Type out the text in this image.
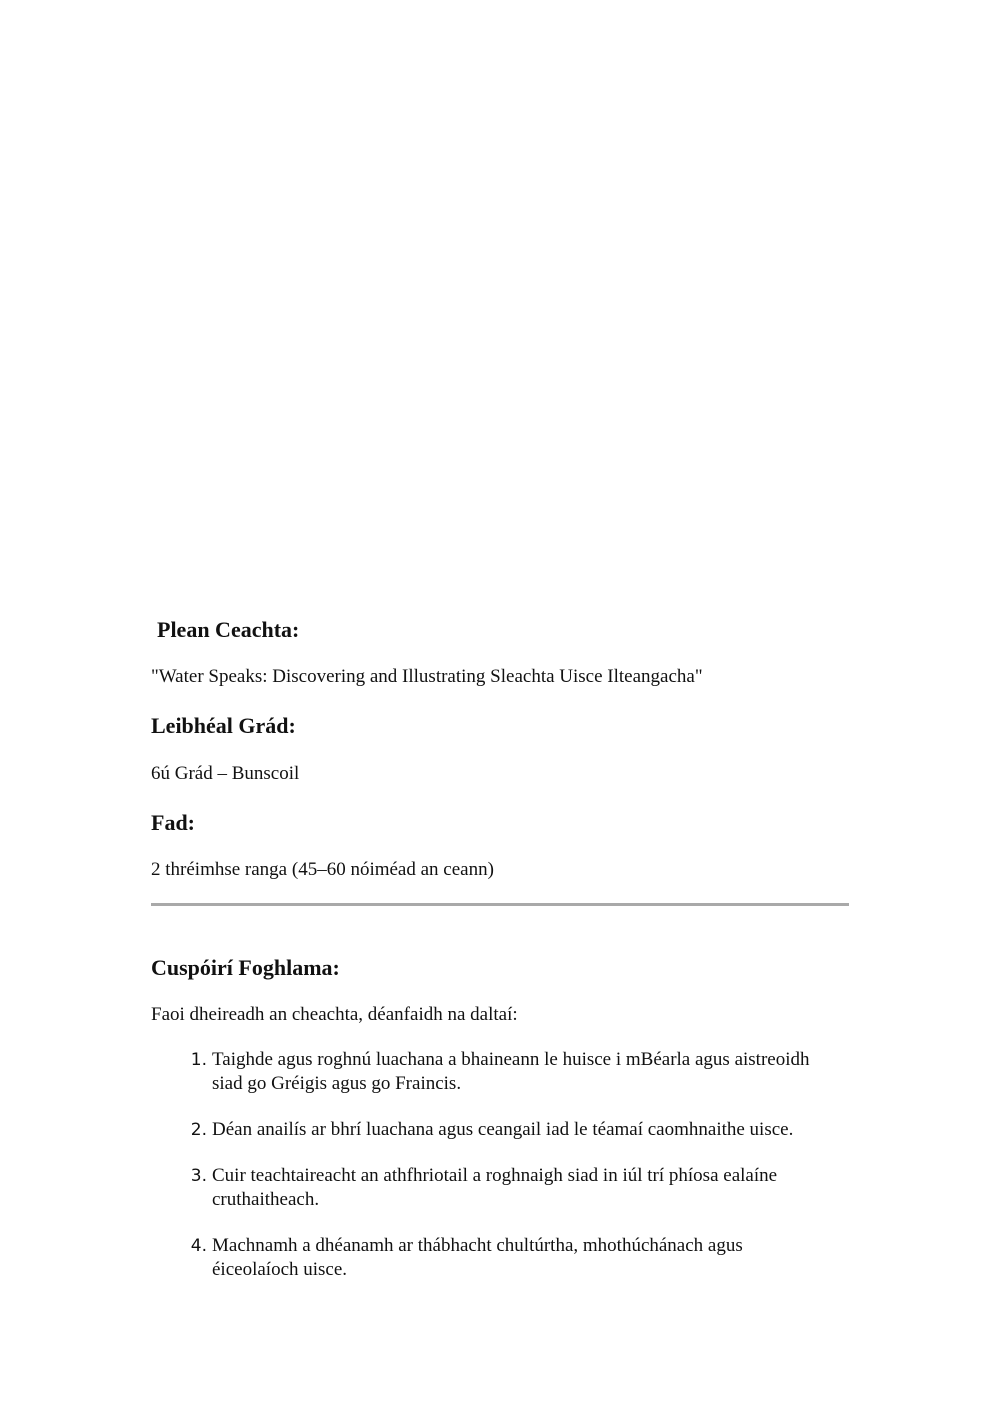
Plean Ceachta:

"Water Speaks: Discovering and Illustrating Sleachta Uisce Ilteangacha"

Leibhéal Grád:

6ú Grád – Bunscoil

Fad:

2 thréimhse ranga (45–60 nóiméad an ceann)

Cuspóirí Foghlama:

Faoi dheireadh an cheachta, déanfaidh na daltaí:

1. Taighde agus roghnú luachana a bhaineann le huisce i mBéarla agus aistreoidh
siad go Gréigis agus go Fraincis.
2. Déan anailís ar bhrí luachana agus ceangail iad le téamaí caomhnaithe uisce.
3. Cuir teachtaireacht an athfhriotail a roghnaigh siad in iúl trí phíosa ealaíne
cruthaitheach.
4. Machnamh a dhéanamh ar thábhacht chultúrtha, mhothúchánach agus
éiceolaíoch uisce.
